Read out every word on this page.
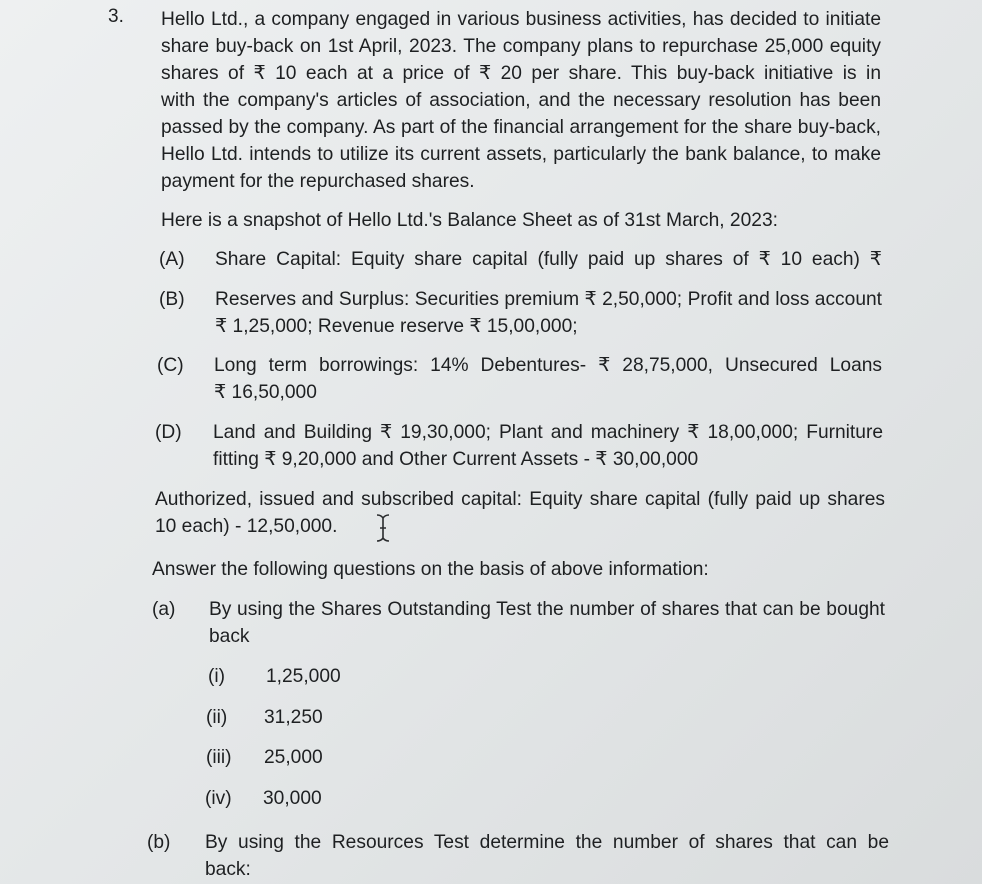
3. Hello Ltd., a company engaged in various business activities, has decided to initiate
share buy-back on 1st April, 2023. The company plans to repurchase 25,000 equity
shares of ₹ 10 each at a price of ₹ 20 per share. This buy-back initiative is in
with the company's articles of association, and the necessary resolution has been
passed by the company. As part of the financial arrangement for the share buy-back,
Hello Ltd. intends to utilize its current assets, particularly the bank balance, to make
payment for the repurchased shares.
Here is a snapshot of Hello Ltd.'s Balance Sheet as of 31st March, 2023:
(A) Share Capital: Equity share capital (fully paid up shares of ₹ 10 each) ₹
(B) Reserves and Surplus: Securities premium ₹ 2,50,000; Profit and loss account
₹ 1,25,000; Revenue reserve ₹ 15,00,000;
(C) Long term borrowings: 14% Debentures- ₹ 28,75,000, Unsecured Loans
₹ 16,50,000
(D) Land and Building ₹ 19,30,000; Plant and machinery ₹ 18,00,000; Furniture
fitting ₹ 9,20,000 and Other Current Assets - ₹ 30,00,000
Authorized, issued and subscribed capital: Equity share capital (fully paid up shares
10 each) - 12,50,000.
Answer the following questions on the basis of above information:
(a) By using the Shares Outstanding Test the number of shares that can be bought
back
(i) 1,25,000
(ii) 31,250
(iii) 25,000
(iv) 30,000
(b) By using the Resources Test determine the number of shares that can be
back:
